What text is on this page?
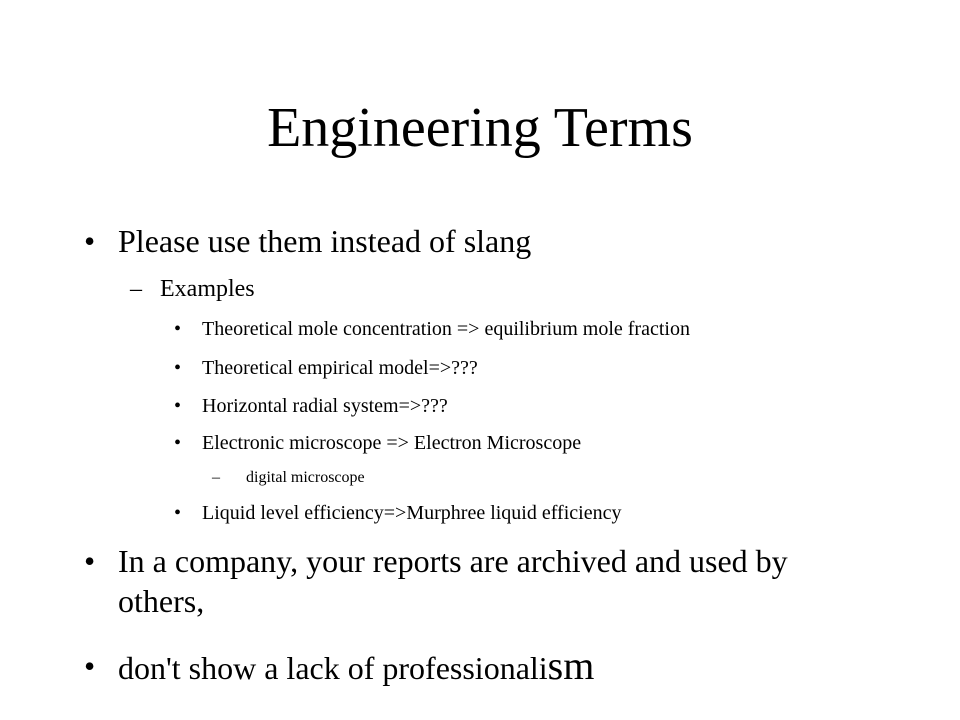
Engineering Terms
• Please use them instead of slang
– Examples
• Theoretical mole concentration => equilibrium mole fraction
• Theoretical empirical model=>???
• Horizontal radial system=>???
• Electronic microscope => Electron Microscope
– digital microscope
• Liquid level efficiency=>Murphree liquid efficiency
• In a company, your reports are archived and used by others,
• don't show a lack of professionalism
